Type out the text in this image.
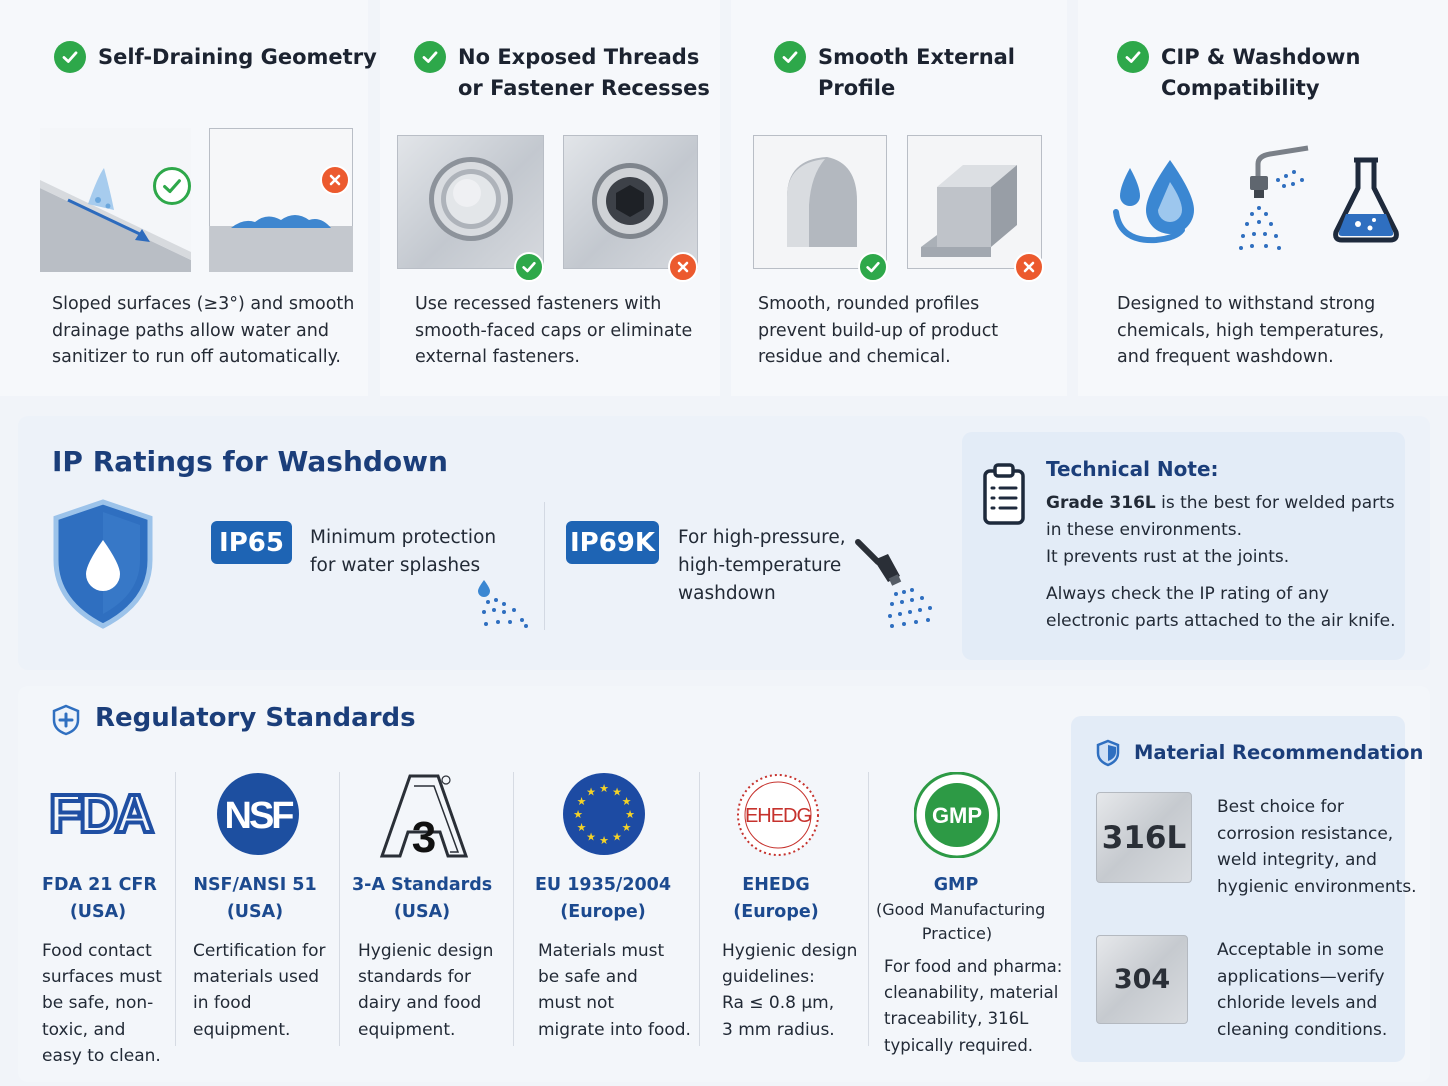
Self-Draining Geometry
Sloped surfaces (≥3°) and smooth
drainage paths allow water and
sanitizer to run off automatically.
No Exposed Threads
or Fastener Recesses
Use recessed fasteners with
smooth-faced caps or eliminate
external fasteners.
Smooth External
Profile
Smooth, rounded profiles
prevent build-up of product
residue and chemical.
CIP & Washdown
Compatibility
Designed to withstand strong
chemicals, high temperatures,
and frequent washdown.
IP Ratings for Washdown
IP65	Minimum protection
for water splashes
IP69K For high-pressure,
high-temperature
washdown
Technical Note:
Grade 316L is the best for welded parts
in these environments.
It prevents rust at the joints.
Always check the IP rating of any
electronic parts attached to the air knife.
Regulatory Standards
FDA NSF	3
★ ★
★
★
★
★
★
★
★
★
★
★
EHEDG	GMP
FDA 21 CFR
(USA)
NSF/ANSI 51
(USA)
3-A Standards
(USA)
EU 1935/2004
(Europe)
EHEDG
(Europe)
GMP
(Good Manufacturing
Practice)
Food contact
surfaces must
be safe, non-
toxic, and
easy to clean.
Certification for
materials used
in food
equipment.
Hygienic design
standards for
dairy and food
equipment.
Materials must
be safe and
must not
migrate into food.
Hygienic design
guidelines:
Ra ≤ 0.8 µm,
3 mm radius.
For food and pharma:
cleanability, material
traceability, 316L
typically required.
Material Recommendation
316L
Best choice for
corrosion resistance,
weld integrity, and
hygienic environments.
304
Acceptable in some
applications—verify
chloride levels and
cleaning conditions.
